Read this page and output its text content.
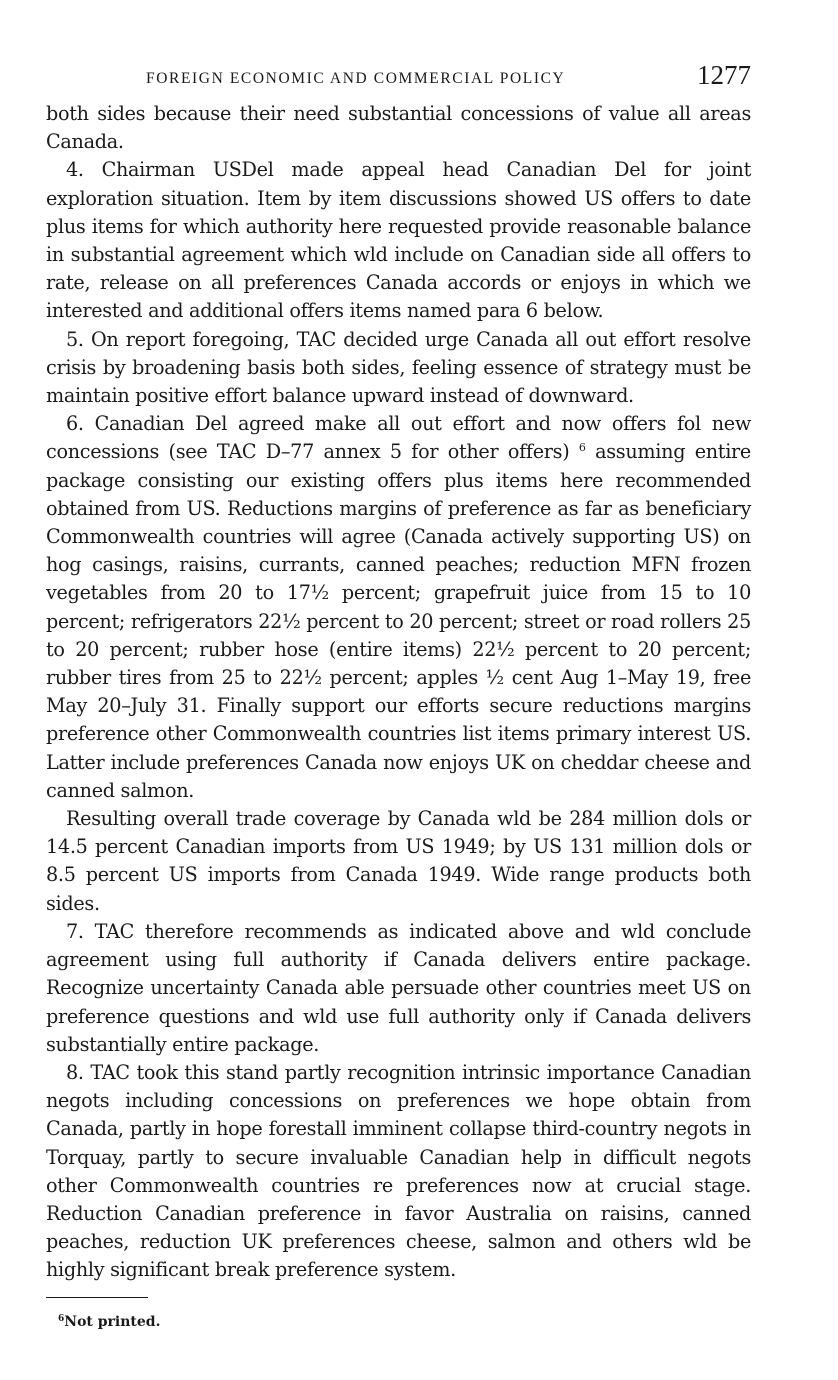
FOREIGN ECONOMIC AND COMMERCIAL POLICY	1277

both sides because their need substantial concessions of value all areas Canada.

4. Chairman USDel made appeal head Canadian Del for joint exploration situation. Item by item discussions showed US offers to date plus items for which authority here requested provide reasonable balance in substantial agreement which wld include on Canadian side all offers to rate, release on all preferences Canada accords or enjoys in which we interested and additional offers items named para 6 below.

5. On report foregoing, TAC decided urge Canada all out effort resolve crisis by broadening basis both sides, feeling essence of strategy must be maintain positive effort balance upward instead of downward.

6. Canadian Del agreed make all out effort and now offers fol new concessions (see TAC D–77 annex 5 for other offers) $^6$ assuming entire package consisting our existing offers plus items here recommended obtained from US. Reductions margins of preference as far as beneficiary Commonwealth countries will agree (Canada actively supporting US) on hog casings, raisins, currants, canned peaches; reduction MFN frozen vegetables from 20 to 17½ percent; grapefruit juice from 15 to 10 percent; refrigerators 22½ percent to 20 percent; street or road rollers 25 to 20 percent; rubber hose (entire items) 22½ percent to 20 percent; rubber tires from 25 to 22½ percent; apples ½ cent Aug 1–May 19, free May 20–July 31. Finally support our efforts secure reductions margins preference other Commonwealth countries list items primary interest US. Latter include preferences Canada now enjoys UK on cheddar cheese and canned salmon.

Resulting overall trade coverage by Canada wld be 284 million dols or 14.5 percent Canadian imports from US 1949; by US 131 million dols or 8.5 percent US imports from Canada 1949. Wide range products both sides.

7. TAC therefore recommends as indicated above and wld conclude agreement using full authority if Canada delivers entire package. Recognize uncertainty Canada able persuade other countries meet US on preference questions and wld use full authority only if Canada delivers substantially entire package.

8. TAC took this stand partly recognition intrinsic importance Canadian negots including concessions on preferences we hope obtain from Canada, partly in hope forestall imminent collapse third-country negots in Torquay, partly to secure invaluable Canadian help in difficult negots other Commonwealth countries re preferences now at crucial stage. Reduction Canadian preference in favor Australia on raisins, canned peaches, reduction UK preferences cheese, salmon and others wld be highly significant break preference system.

$^6$Not printed.
